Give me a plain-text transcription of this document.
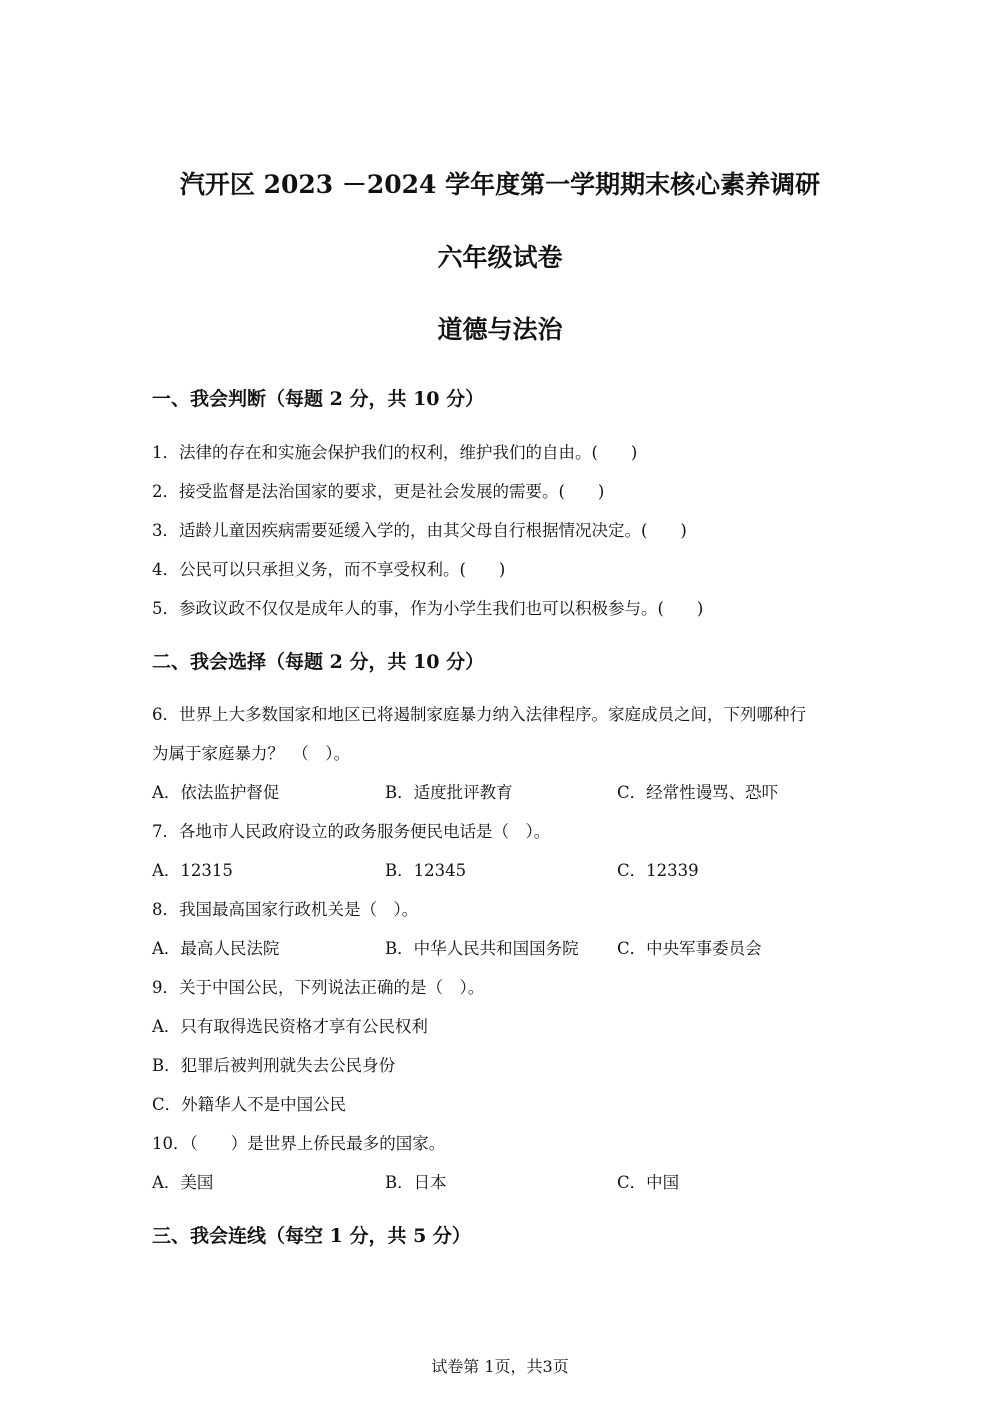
汽开区 2023 －2024 学年度第一学期期末核心素养调研
六年级试卷
道德与法治
一、我会判断（每题 2 分，共 10 分）
1．法律的存在和实施会保护我们的权利，维护我们的自由。(　　)
2．接受监督是法治国家的要求，更是社会发展的需要。(　　)
3．适龄儿童因疾病需要延缓入学的，由其父母自行根据情况决定。(　　)
4．公民可以只承担义务，而不享受权利。(　　)
5．参政议政不仅仅是成年人的事，作为小学生我们也可以积极参与。(　　)
二、我会选择（每题 2 分，共 10 分）
6．世界上大多数国家和地区已将遏制家庭暴力纳入法律程序。家庭成员之间，下列哪种行
为属于家庭暴力？　（　）。
A．依法监护督促	B．适度批评教育	C．经常性谩骂、恐吓
7．各地市人民政府设立的政务服务便民电话是（　）。
A．12315	B．12345	C．12339
8．我国最高国家行政机关是（　）。
A．最高人民法院	B．中华人民共和国国务院 C．中央军事委员会
9．关于中国公民，下列说法正确的是（　）。
A．只有取得选民资格才享有公民权利
B．犯罪后被判刑就失去公民身份
C．外籍华人不是中国公民
10．（　　）是世界上侨民最多的国家。
A．美国	B．日本	C．中国
三、我会连线（每空 1 分，共 5 分）
试卷第 1页，共3页
